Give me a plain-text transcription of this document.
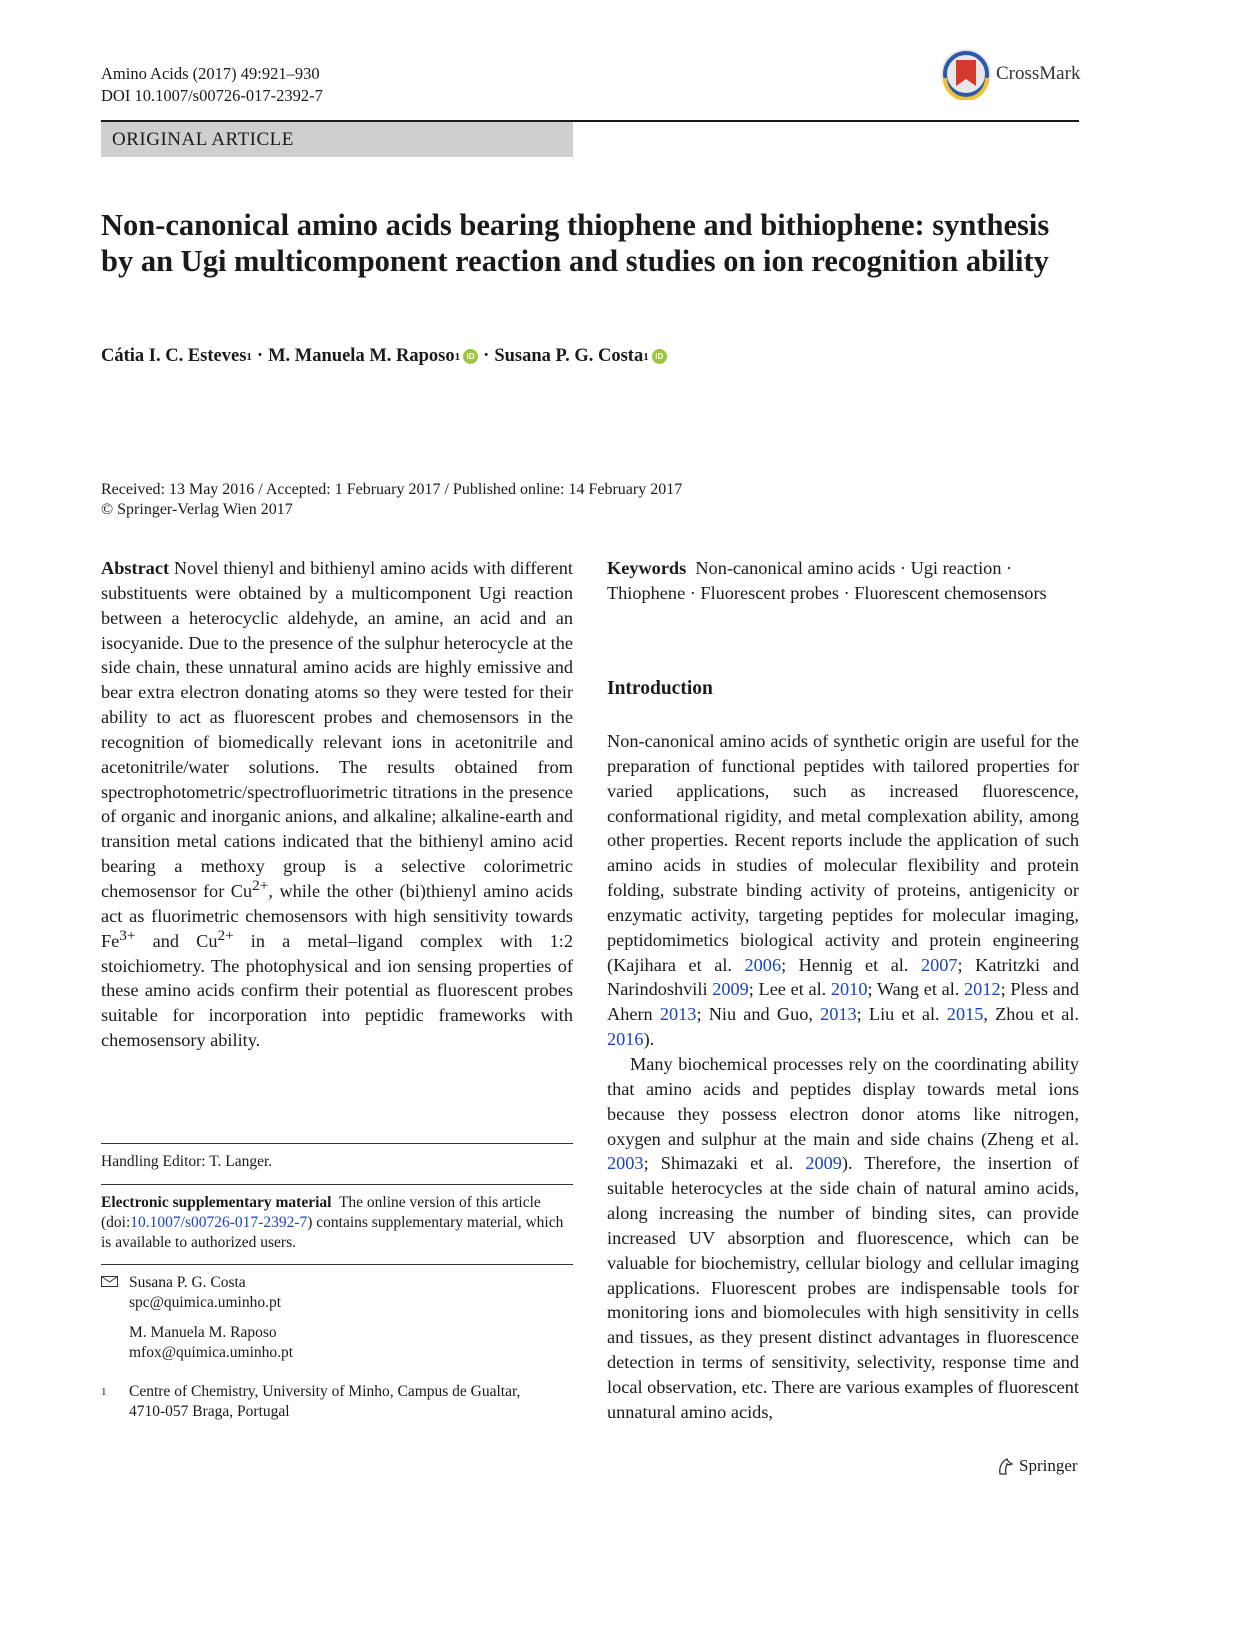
Amino Acids (2017) 49:921–930
DOI 10.1007/s00726-017-2392-7
CrossMark
ORIGINAL ARTICLE
Non-canonical amino acids bearing thiophene and bithiophene: synthesis by an Ugi multicomponent reaction and studies on ion recognition ability
Cátia I. C. Esteves 1 · M. Manuela M. Raposo 1 iD · Susana P. G. Costa 1 iD
Received: 13 May 2016 / Accepted: 1 February 2017 / Published online: 14 February 2017
© Springer-Verlag Wien 2017

Abstract Novel thienyl and bithienyl amino acids with different substituents were obtained by a multicomponent Ugi reaction between a heterocyclic aldehyde, an amine, an acid and an isocyanide. Due to the presence of the sulphur heterocycle at the side chain, these unnatural amino acids are highly emissive and bear extra electron donating atoms so they were tested for their ability to act as fluorescent probes and chemosensors in the recognition of biomedically relevant ions in acetonitrile and acetonitrile/water solutions. The results obtained from spectrophotometric/spectrofluorimetric titrations in the presence of organic and inorganic anions, and alkaline; alkaline-earth and transition metal cations indicated that the bithienyl amino acid bearing a methoxy group is a selective colorimetric chemosensor for $Cu^{2+}$, while the other (bi)thienyl amino acids act as fluorimetric chemosensors with high sensitivity towards $Fe^{3+}$ and $Cu^{2+}$ in a metal–ligand complex with 1:2 stoichiometry. The photophysical and ion sensing properties of these amino acids confirm their potential as fluorescent probes suitable for incorporation into peptidic frameworks with chemosensory ability.

Handling Editor: T. Langer.
Electronic supplementary material The online version of this article (doi:10.1007/s00726-017-2392-7) contains supplementary material, which is available to authorized users.
Susana P. G. Costa
spc@quimica.uminho.pt
M. Manuela M. Raposo
mfox@quimica.uminho.pt
1	Centre of Chemistry, University of Minho, Campus de Gualtar, 4710-057 Braga, Portugal

Keywords Non-canonical amino acids · Ugi reaction · Thiophene · Fluorescent probes · Fluorescent chemosensors

Introduction

Non-canonical amino acids of synthetic origin are useful for the preparation of functional peptides with tailored properties for varied applications, such as increased fluorescence, conformational rigidity, and metal complexation ability, among other properties. Recent reports include the application of such amino acids in studies of molecular flexibility and protein folding, substrate binding activity of proteins, antigenicity or enzymatic activity, targeting peptides for molecular imaging, peptidomimetics biological activity and protein engineering (Kajihara et al. 2006; Hennig et al. 2007; Katritzki and Narindoshvili 2009; Lee et al. 2010; Wang et al. 2012; Pless and Ahern 2013; Niu and Guo, 2013; Liu et al. 2015, Zhou et al. 2016).

Many biochemical processes rely on the coordinating ability that amino acids and peptides display towards metal ions because they possess electron donor atoms like nitrogen, oxygen and sulphur at the main and side chains (Zheng et al. 2003; Shimazaki et al. 2009). Therefore, the insertion of suitable heterocycles at the side chain of natural amino acids, along increasing the number of binding sites, can provide increased UV absorption and fluorescence, which can be valuable for biochemistry, cellular biology and cellular imaging applications. Fluorescent probes are indispensable tools for monitoring ions and biomolecules with high sensitivity in cells and tissues, as they present distinct advantages in fluorescence detection in terms of sensitivity, selectivity, response time and local observation, etc. There are various examples of fluorescent unnatural amino acids,

Springer
